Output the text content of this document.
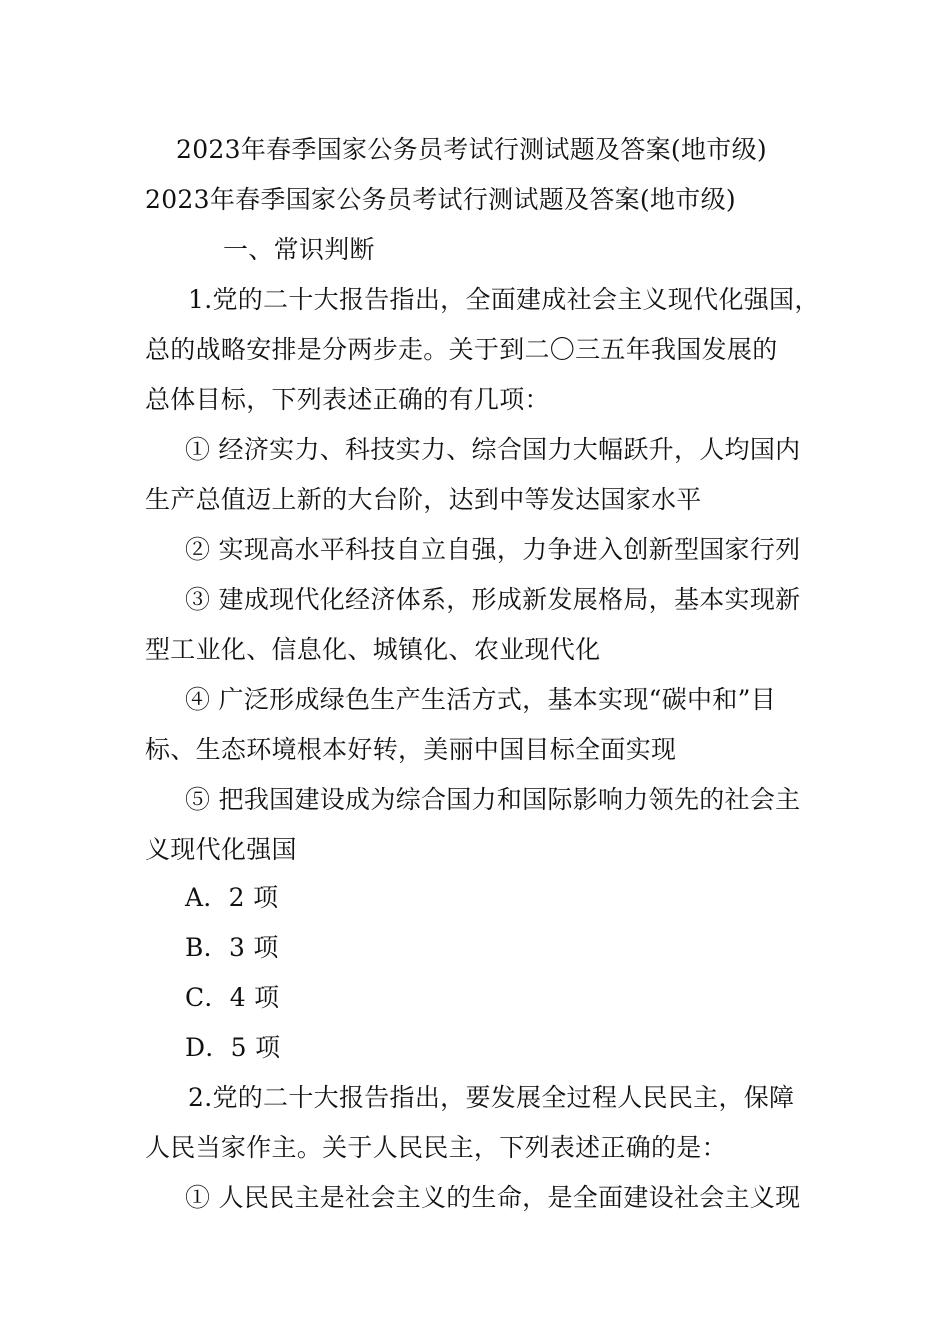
2023年春季国家公务员考试行测试题及答案(地市级)
2023年春季国家公务员考试行测试题及答案(地市级)
一、常识判断
1.党的二十大报告指出，全面建成社会主义现代化强国，
总的战略安排是分两步走。关于到二〇三五年我国发展的
总体目标，下列表述正确的有几项：
① 经济实力、科技实力、综合国力大幅跃升，人均国内
生产总值迈上新的大台阶，达到中等发达国家水平
② 实现高水平科技自立自强，力争进入创新型国家行列
③ 建成现代化经济体系，形成新发展格局，基本实现新
型工业化、信息化、城镇化、农业现代化
④ 广泛形成绿色生产生活方式，基本实现“碳中和”目
标、生态环境根本好转，美丽中国目标全面实现
⑤ 把我国建设成为综合国力和国际影响力领先的社会主
义现代化强国
A．2 项
B．3 项
C．4 项
D．5 项
2.党的二十大报告指出，要发展全过程人民民主，保障
人民当家作主。关于人民民主，下列表述正确的是：
① 人民民主是社会主义的生命，是全面建设社会主义现
